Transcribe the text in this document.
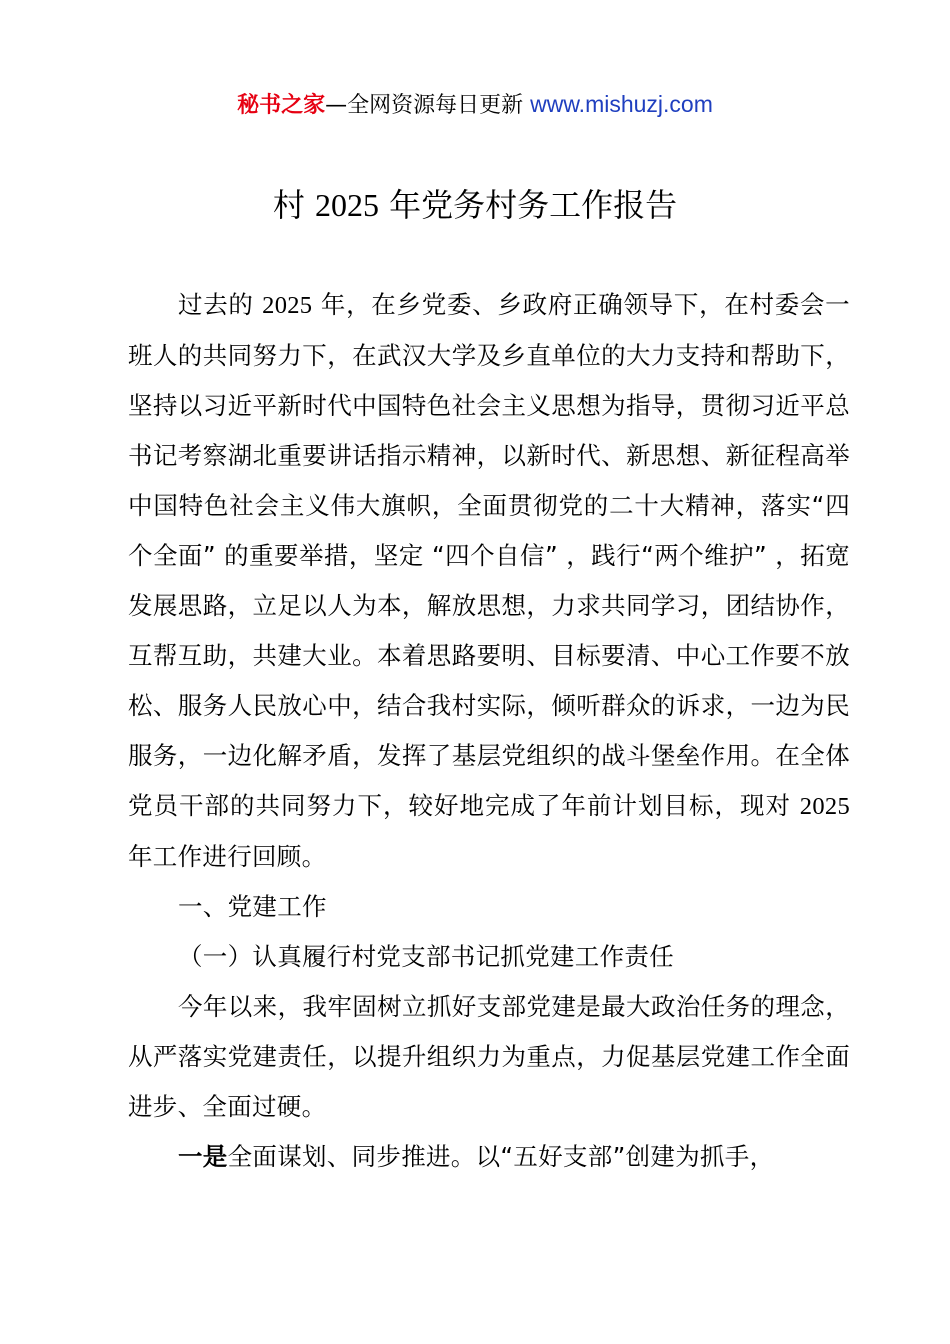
秘书之家—全网资源每日更新 www.mishuzj.com
村 2025 年党务村务工作报告

过去的 2025 年，在乡党委、乡政府正确领导下，在村委会一班人的共同努力下，在武汉大学及乡直单位的大力支持和帮助下，坚持以习近平新时代中国特色社会主义思想为指导，贯彻习近平总书记考察湖北重要讲话指示精神，以新时代、新思想、新征程高举中国特色社会主义伟大旗帜，全面贯彻党的二十大精神，落实“四个全面” 的重要举措，坚定 “四个自信” ，践行“两个维护” ，拓宽发展思路，立足以人为本，解放思想，力求共同学习，团结协作，互帮互助，共建大业。本着思路要明、目标要清、中心工作要不放松、服务人民放心中，结合我村实际，倾听群众的诉求，一边为民服务，一边化解矛盾，发挥了基层党组织的战斗堡垒作用。在全体党员干部的共同努力下，较好地完成了年前计划目标，现对 2025 年工作进行回顾。

一、党建工作

（一）认真履行村党支部书记抓党建工作责任

今年以来，我牢固树立抓好支部党建是最大政治任务的理念，从严落实党建责任，以提升组织力为重点，力促基层党建工作全面进步、全面过硬。

一是全面谋划、同步推进。以“五好支部”创建为抓手，
